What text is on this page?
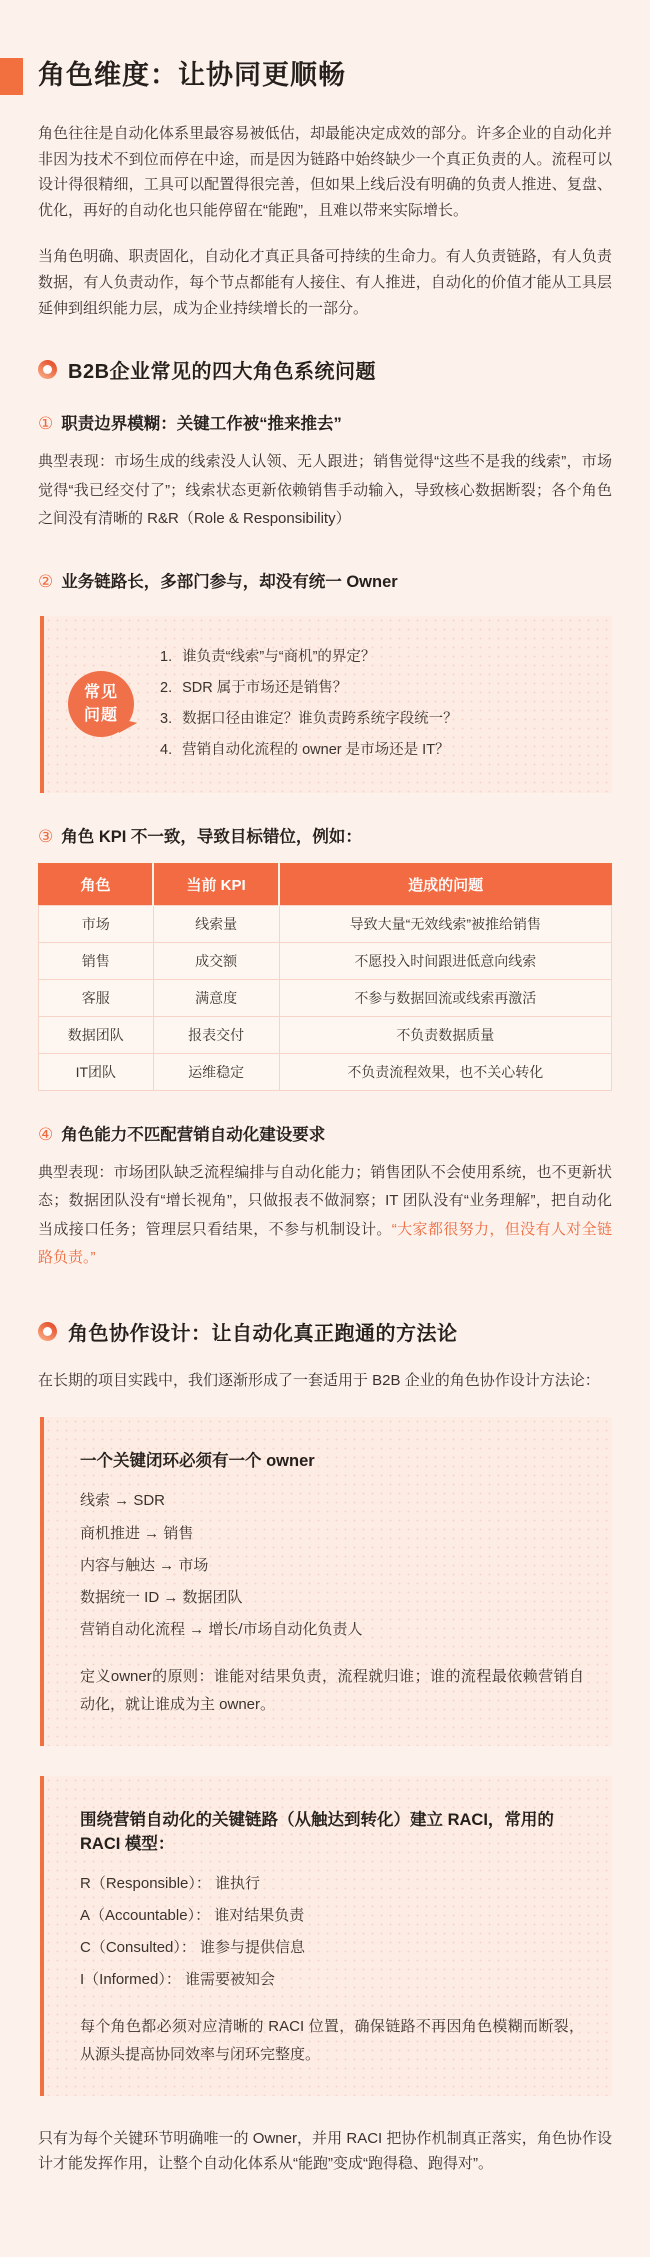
角色维度：让协同更顺畅

角色往往是自动化体系里最容易被低估，却最能决定成效的部分。许多企业的自动化并非因为技术不到位而停在中途，而是因为链路中始终缺少一个真正负责的人。流程可以设计得很精细，工具可以配置得很完善，但如果上线后没有明确的负责人推进、复盘、优化，再好的自动化也只能停留在“能跑”，且难以带来实际增长。

当角色明确、职责固化，自动化才真正具备可持续的生命力。有人负责链路，有人负责数据，有人负责动作，每个节点都能有人接住、有人推进，自动化的价值才能从工具层延伸到组织能力层，成为企业持续增长的一部分。

B2B企业常见的四大角色系统问题
① 职责边界模糊：关键工作被“推来推去”

典型表现：市场生成的线索没人认领、无人跟进；销售觉得“这些不是我的线索”，市场觉得“我已经交付了”；线索状态更新依赖销售手动输入，导致核心数据断裂；各个角色之间没有清晰的 R&R（Role & Responsibility）

② 业务链路长，多部门参与，却没有统一 Owner
常见
问题
1. 谁负责“线索”与“商机”的界定？
2. SDR 属于市场还是销售？
3. 数据口径由谁定？谁负责跨系统字段统一？
4. 营销自动化流程的 owner 是市场还是 IT？
③ 角色 KPI 不一致，导致目标错位，例如：
角色	当前 KPI	造成的问题
市场	线索量	导致大量“无效线索”被推给销售
销售	成交额	不愿投入时间跟进低意向线索
客服	满意度	不参与数据回流或线索再激活
数据团队	报表交付	不负责数据质量
IT团队	运维稳定	不负责流程效果，也不关心转化
④ 角色能力不匹配营销自动化建设要求

典型表现：市场团队缺乏流程编排与自动化能力；销售团队不会使用系统，也不更新状态；数据团队没有“增长视角”，只做报表不做洞察；IT 团队没有“业务理解”，把自动化当成接口任务；管理层只看结果，不参与机制设计。“大家都很努力，但没有人对全链路负责。”

角色协作设计：让自动化真正跑通的方法论

在长期的项目实践中，我们逐渐形成了一套适用于 B2B 企业的角色协作设计方法论：

一个关键闭环必须有一个 owner
线索 → SDR
商机推进 → 销售
内容与触达 → 市场
数据统一 ID → 数据团队
营销自动化流程 → 增长/市场自动化负责人

定义owner的原则：谁能对结果负责，流程就归谁；谁的流程最依赖营销自动化，就让谁成为主 owner。

围绕营销自动化的关键链路（从触达到转化）建立 RACI，常用的 RACI 模型：
R（Responsible）： 谁执行
A（Accountable）： 谁对结果负责
C（Consulted）： 谁参与提供信息
I（Informed）： 谁需要被知会

每个角色都必须对应清晰的 RACI 位置，确保链路不再因角色模糊而断裂，从源头提高协同效率与闭环完整度。

只有为每个关键环节明确唯一的 Owner，并用 RACI 把协作机制真正落实，角色协作设计才能发挥作用，让整个自动化体系从“能跑”变成“跑得稳、跑得对”。
